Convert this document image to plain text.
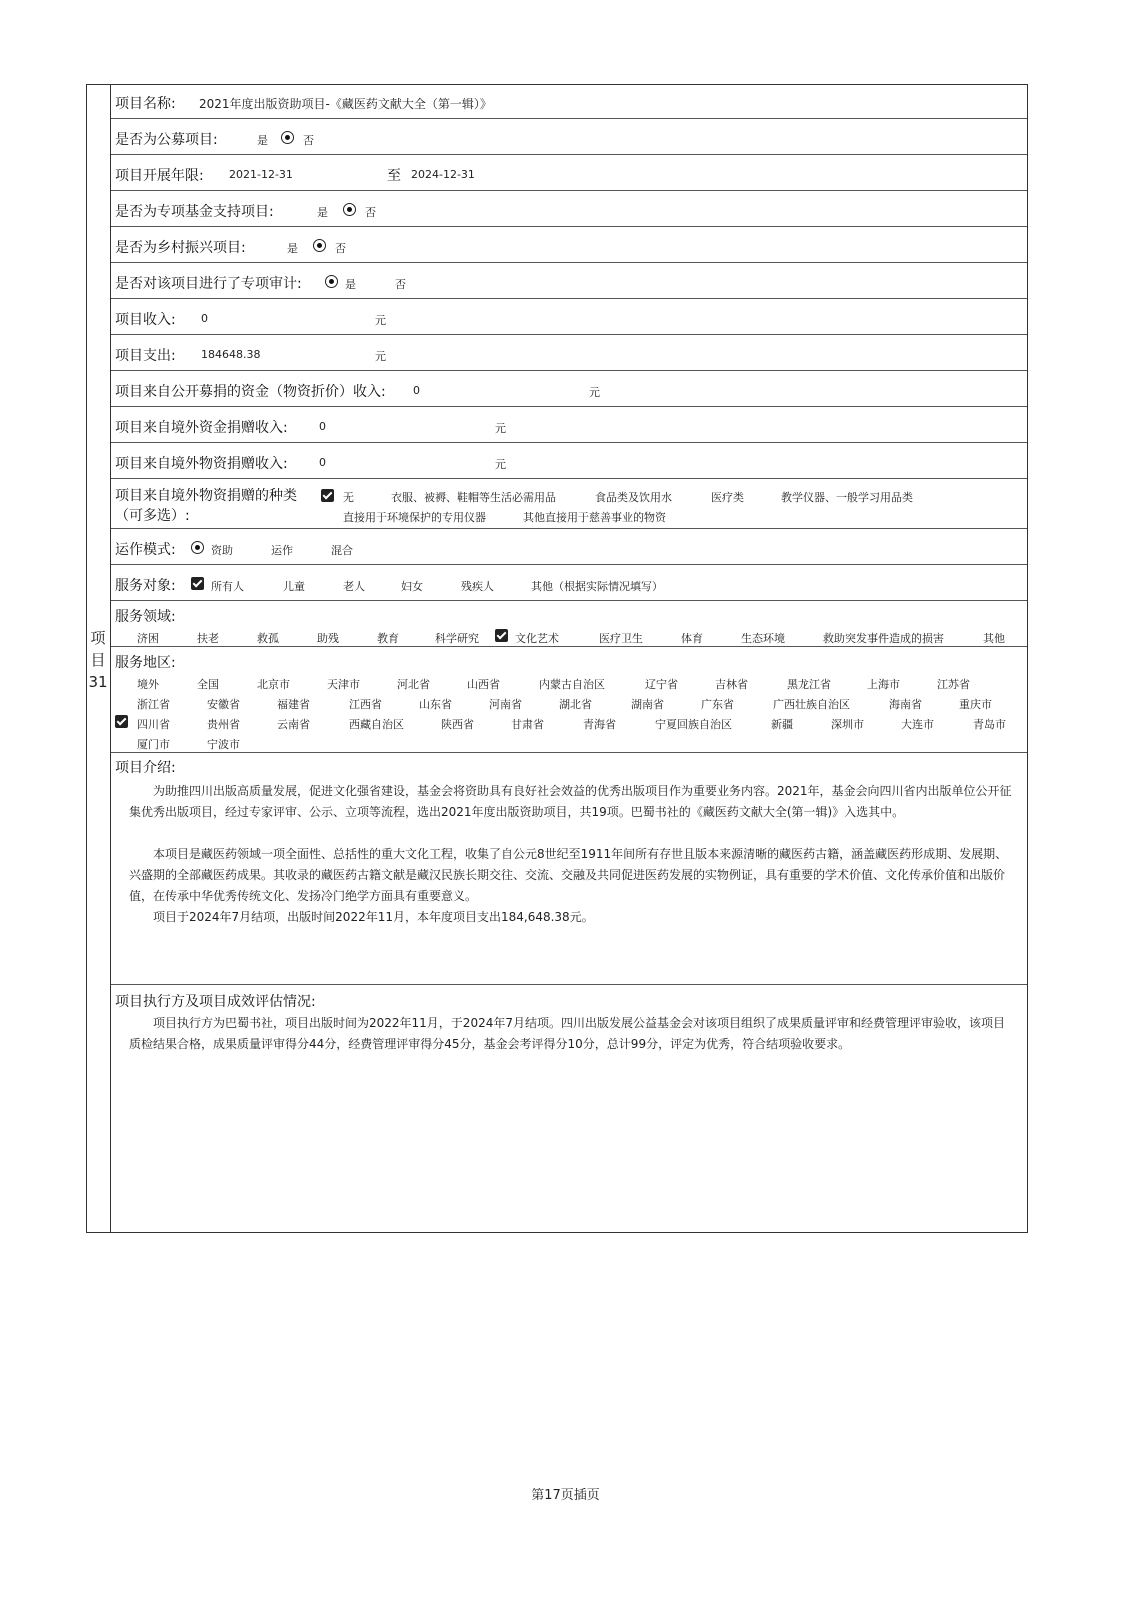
项
目
31
项目名称: 2021年度出版资助项目-《藏医药文献大全（第一辑）》
是否为公募项目:	是	否
项目开展年限: 2021-12-31	至 2024-12-31
是否为专项基金支持项目:	是	否
是否为乡村振兴项目:	是	否
是否对该项目进行了专项审计:	是	否
项目收入: 0	元
项目支出: 184648.38	元
项目来自公开募捐的资金（物资折价）收入: 0	元
项目来自境外资金捐赠收入:	0	元
项目来自境外物资捐赠收入:	0	元
项目来自境外物资捐赠的种类
（可多选）:
无	衣服、被褥、鞋帽等生活必需用品	食品类及饮用水	医疗类	教学仪器、一般学习用品类
直接用于环境保护的专用仪器	其他直接用于慈善事业的物资
运作模式:	资助	运作	混合
服务对象:	所有人	儿童	老人	妇女	残疾人	其他（根据实际情况填写）
服务领域:
济困	扶老	救孤	助残	教育	科学研究	文化艺术	医疗卫生	体育	生态环境	救助突发事件造成的损害	其他
服务地区:
境外	全国	北京市	天津市	河北省	山西省	内蒙古自治区	辽宁省	吉林省	黑龙江省	上海市	江苏省
浙江省	安徽省	福建省	江西省	山东省	河南省	湖北省	湖南省	广东省	广西壮族自治区	海南省	重庆市
四川省	贵州省	云南省	西藏自治区	陕西省	甘肃省	青海省	宁夏回族自治区	新疆	深圳市	大连市	青岛市
厦门市	宁波市
项目介绍:
为助推四川出版高质量发展，促进文化强省建设，基金会将资助具有良好社会效益的优秀出版项目作为重要业务内容。2021年，基金会向四川省内出版单位公开征集优秀出版项目，经过专家评审、公示、立项等流程，选出2021年度出版资助项目，共19项。巴蜀书社的《藏医药文献大全(第一辑)》入选其中。
本项目是藏医药领域一项全面性、总括性的重大文化工程，收集了自公元8世纪至1911年间所有存世且版本来源清晰的藏医药古籍，涵盖藏医药形成期、发展期、兴盛期的全部藏医药成果。其收录的藏医药古籍文献是藏汉民族长期交往、交流、交融及共同促进医药发展的实物例证，具有重要的学术价值、文化传承价值和出版价值，在传承中华优秀传统文化、发扬冷门绝学方面具有重要意义。
项目于2024年7月结项，出版时间2022年11月，本年度项目支出184,648.38元。
项目执行方及项目成效评估情况:
项目执行方为巴蜀书社，项目出版时间为2022年11月，于2024年7月结项。四川出版发展公益基金会对该项目组织了成果质量评审和经费管理评审验收，该项目质检结果合格，成果质量评审得分44分，经费管理评审得分45分，基金会考评得分10分，总计99分，评定为优秀，符合结项验收要求。
第17页插页
